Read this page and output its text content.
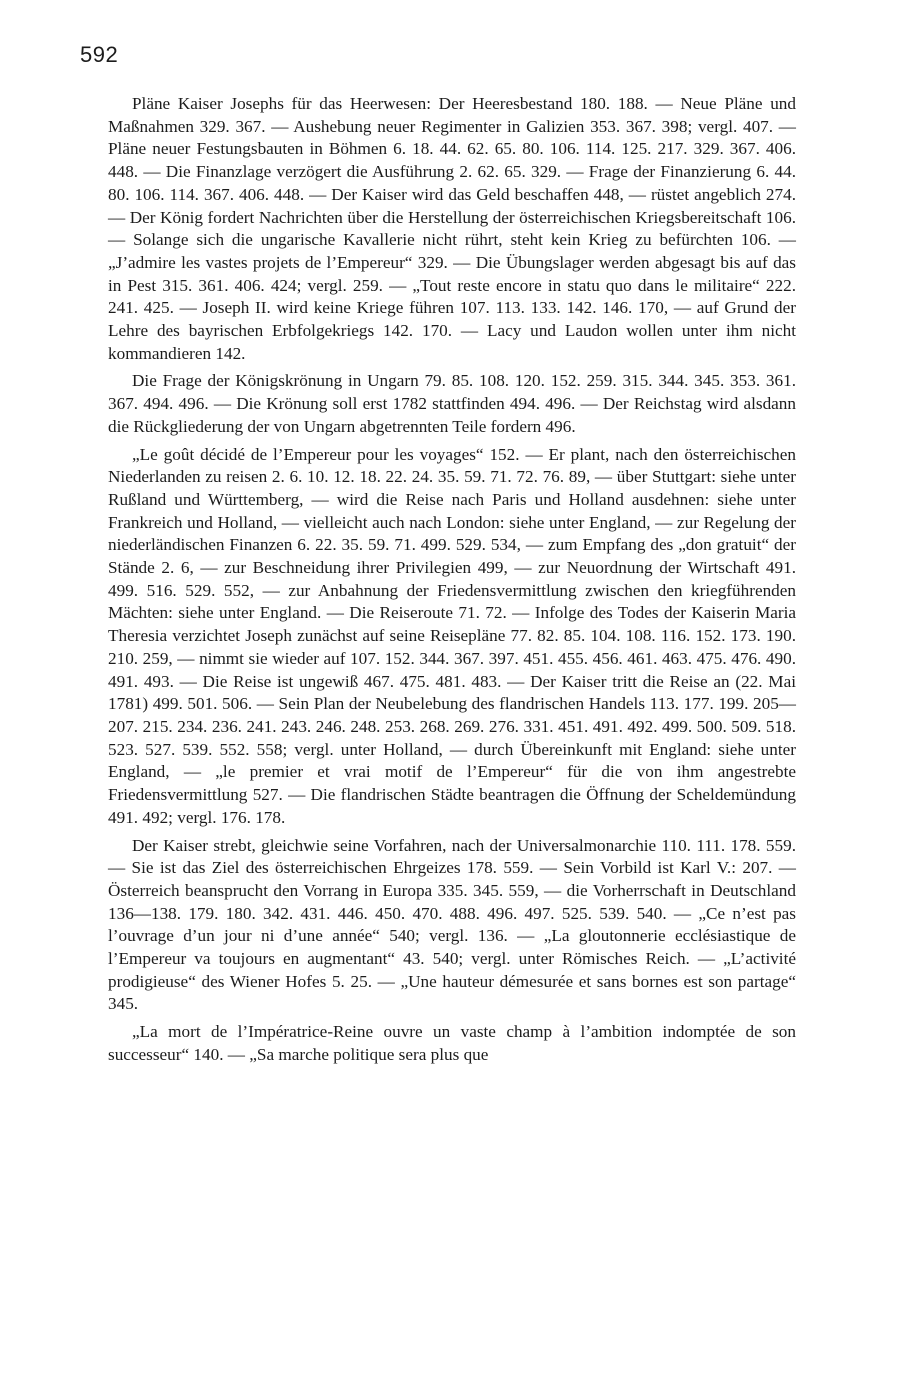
592

Pläne Kaiser Josephs für das Heerwesen: Der Heeresbestand 180. 188. — Neue Pläne und Maßnahmen 329. 367. — Aushebung neuer Regimenter in Galizien 353. 367. 398; vergl. 407. — Pläne neuer Festungsbauten in Böhmen 6. 18. 44. 62. 65. 80. 106. 114. 125. 217. 329. 367. 406. 448. — Die Finanzlage verzögert die Ausführung 2. 62. 65. 329. — Frage der Finanzierung 6. 44. 80. 106. 114. 367. 406. 448. — Der Kaiser wird das Geld beschaffen 448, — rüstet angeblich 274. — Der König fordert Nachrichten über die Herstellung der österreichischen Kriegsbereitschaft 106. — Solange sich die ungarische Kavallerie nicht rührt, steht kein Krieg zu befürchten 106. — „J’admire les vastes projets de l’Empereur“ 329. — Die Übungslager werden abgesagt bis auf das in Pest 315. 361. 406. 424; vergl. 259. — „Tout reste encore in statu quo dans le militaire“ 222. 241. 425. — Joseph II. wird keine Kriege führen 107. 113. 133. 142. 146. 170, — auf Grund der Lehre des bayrischen Erbfolgekriegs 142. 170. — Lacy und Laudon wollen unter ihm nicht kommandieren 142.

Die Frage der Königskrönung in Ungarn 79. 85. 108. 120. 152. 259. 315. 344. 345. 353. 361. 367. 494. 496. — Die Krönung soll erst 1782 stattfinden 494. 496. — Der Reichstag wird alsdann die Rückgliederung der von Ungarn abgetrennten Teile fordern 496.

„Le goût décidé de l’Empereur pour les voyages“ 152. — Er plant, nach den österreichischen Niederlanden zu reisen 2. 6. 10. 12. 18. 22. 24. 35. 59. 71. 72. 76. 89, — über Stuttgart: siehe unter Rußland und Württemberg, — wird die Reise nach Paris und Holland ausdehnen: siehe unter Frankreich und Holland, — vielleicht auch nach London: siehe unter England, — zur Regelung der niederländischen Finanzen 6. 22. 35. 59. 71. 499. 529. 534, — zum Empfang des „don gratuit“ der Stände 2. 6, — zur Beschneidung ihrer Privilegien 499, — zur Neuordnung der Wirtschaft 491. 499. 516. 529. 552, — zur Anbahnung der Friedensvermittlung zwischen den kriegführenden Mächten: siehe unter England. — Die Reiseroute 71. 72. — Infolge des Todes der Kaiserin Maria Theresia verzichtet Joseph zunächst auf seine Reisepläne 77. 82. 85. 104. 108. 116. 152. 173. 190. 210. 259, — nimmt sie wieder auf 107. 152. 344. 367. 397. 451. 455. 456. 461. 463. 475. 476. 490. 491. 493. — Die Reise ist ungewiß 467. 475. 481. 483. — Der Kaiser tritt die Reise an (22. Mai 1781) 499. 501. 506. — Sein Plan der Neubelebung des flandrischen Handels 113. 177. 199. 205—207. 215. 234. 236. 241. 243. 246. 248. 253. 268. 269. 276. 331. 451. 491. 492. 499. 500. 509. 518. 523. 527. 539. 552. 558; vergl. unter Holland, — durch Übereinkunft mit England: siehe unter England, — „le premier et vrai motif de l’Empereur“ für die von ihm angestrebte Friedensvermittlung 527. — Die flandrischen Städte beantragen die Öffnung der Scheldemündung 491. 492; vergl. 176. 178.

Der Kaiser strebt, gleichwie seine Vorfahren, nach der Universalmonarchie 110. 111. 178. 559. — Sie ist das Ziel des österreichischen Ehrgeizes 178. 559. — Sein Vorbild ist Karl V.: 207. — Österreich beansprucht den Vorrang in Europa 335. 345. 559, — die Vorherrschaft in Deutschland 136—138. 179. 180. 342. 431. 446. 450. 470. 488. 496. 497. 525. 539. 540. — „Ce n’est pas l’ouvrage d’un jour ni d’une année“ 540; vergl. 136. — „La gloutonnerie ecclésiastique de l’Empereur va toujours en augmentant“ 43. 540; vergl. unter Römisches Reich. — „L’activité prodigieuse“ des Wiener Hofes 5. 25. — „Une hauteur démesurée et sans bornes est son partage“ 345.

„La mort de l’Impératrice-Reine ouvre un vaste champ à l’ambition indomptée de son successeur“ 140. — „Sa marche politique sera plus que
